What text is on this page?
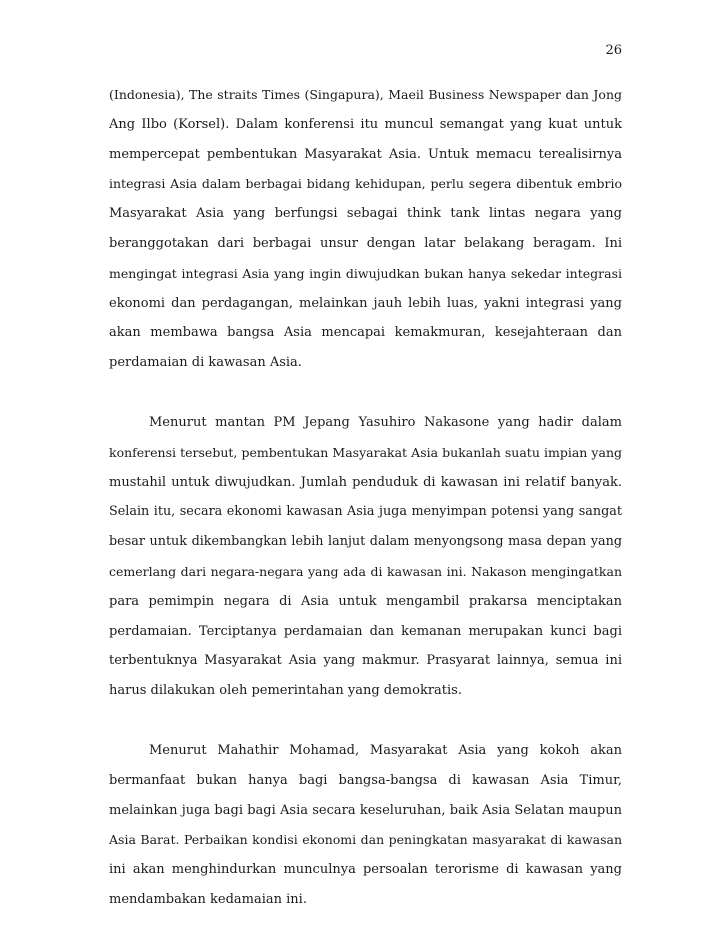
26

(Indonesia), The straits Times (Singapura), Maeil Business Newspaper dan Jong
Ang Ilbo (Korsel). Dalam konferensi itu muncul semangat yang kuat untuk
mempercepat pembentukan Masyarakat Asia. Untuk memacu terealisirnya
integrasi Asia dalam berbagai bidang kehidupan, perlu segera dibentuk embrio
Masyarakat Asia yang berfungsi sebagai think tank lintas negara yang
beranggotakan dari berbagai unsur dengan latar belakang beragam. Ini
mengingat integrasi Asia yang ingin diwujudkan bukan hanya sekedar integrasi
ekonomi dan perdagangan, melainkan jauh lebih luas, yakni integrasi yang
akan membawa bangsa Asia mencapai kemakmuran, kesejahteraan dan
perdamaian di kawasan Asia.

Menurut mantan PM Jepang Yasuhiro Nakasone yang hadir dalam
konferensi tersebut, pembentukan Masyarakat Asia bukanlah suatu impian yang
mustahil untuk diwujudkan. Jumlah penduduk di kawasan ini relatif banyak.
Selain itu, secara ekonomi kawasan Asia juga menyimpan potensi yang sangat
besar untuk dikembangkan lebih lanjut dalam menyongsong masa depan yang
cemerlang dari negara-negara yang ada di kawasan ini. Nakason mengingatkan
para pemimpin negara di Asia untuk mengambil prakarsa menciptakan
perdamaian. Terciptanya perdamaian dan kemanan merupakan kunci bagi
terbentuknya Masyarakat Asia yang makmur. Prasyarat lainnya, semua ini
harus dilakukan oleh pemerintahan yang demokratis.

Menurut Mahathir Mohamad, Masyarakat Asia yang kokoh akan
bermanfaat bukan hanya bagi bangsa-bangsa di kawasan Asia Timur,
melainkan juga bagi bagi Asia secara keseluruhan, baik Asia Selatan maupun
Asia Barat. Perbaikan kondisi ekonomi dan peningkatan masyarakat di kawasan
ini akan menghindurkan munculnya persoalan terorisme di kawasan yang
mendambakan kedamaian ini.
